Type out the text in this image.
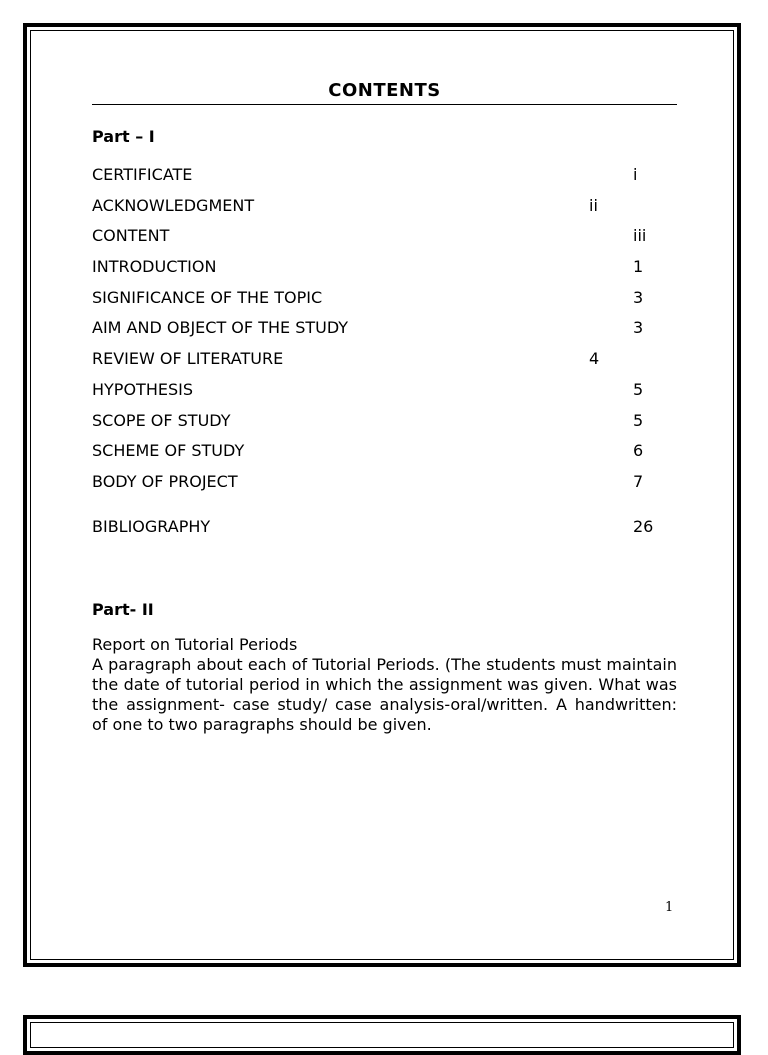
CONTENTS
Part – I
CERTIFICATE	i
ACKNOWLEDGMENT	ii
CONTENT	iii
INTRODUCTION	1
SIGNIFICANCE OF THE TOPIC	3
AIM AND OBJECT OF THE STUDY	3
REVIEW OF LITERATURE	4
HYPOTHESIS	5
SCOPE OF STUDY	5
SCHEME OF STUDY	6
BODY OF PROJECT	7
BIBLIOGRAPHY	26
Part- II
Report on Tutorial Periods

A paragraph about each of Tutorial Periods. (The students must maintain the date of tutorial period in which the assignment was given. What was the assignment- case study/ case analysis-oral/written. A handwritten: of one to two paragraphs should be given.

1
